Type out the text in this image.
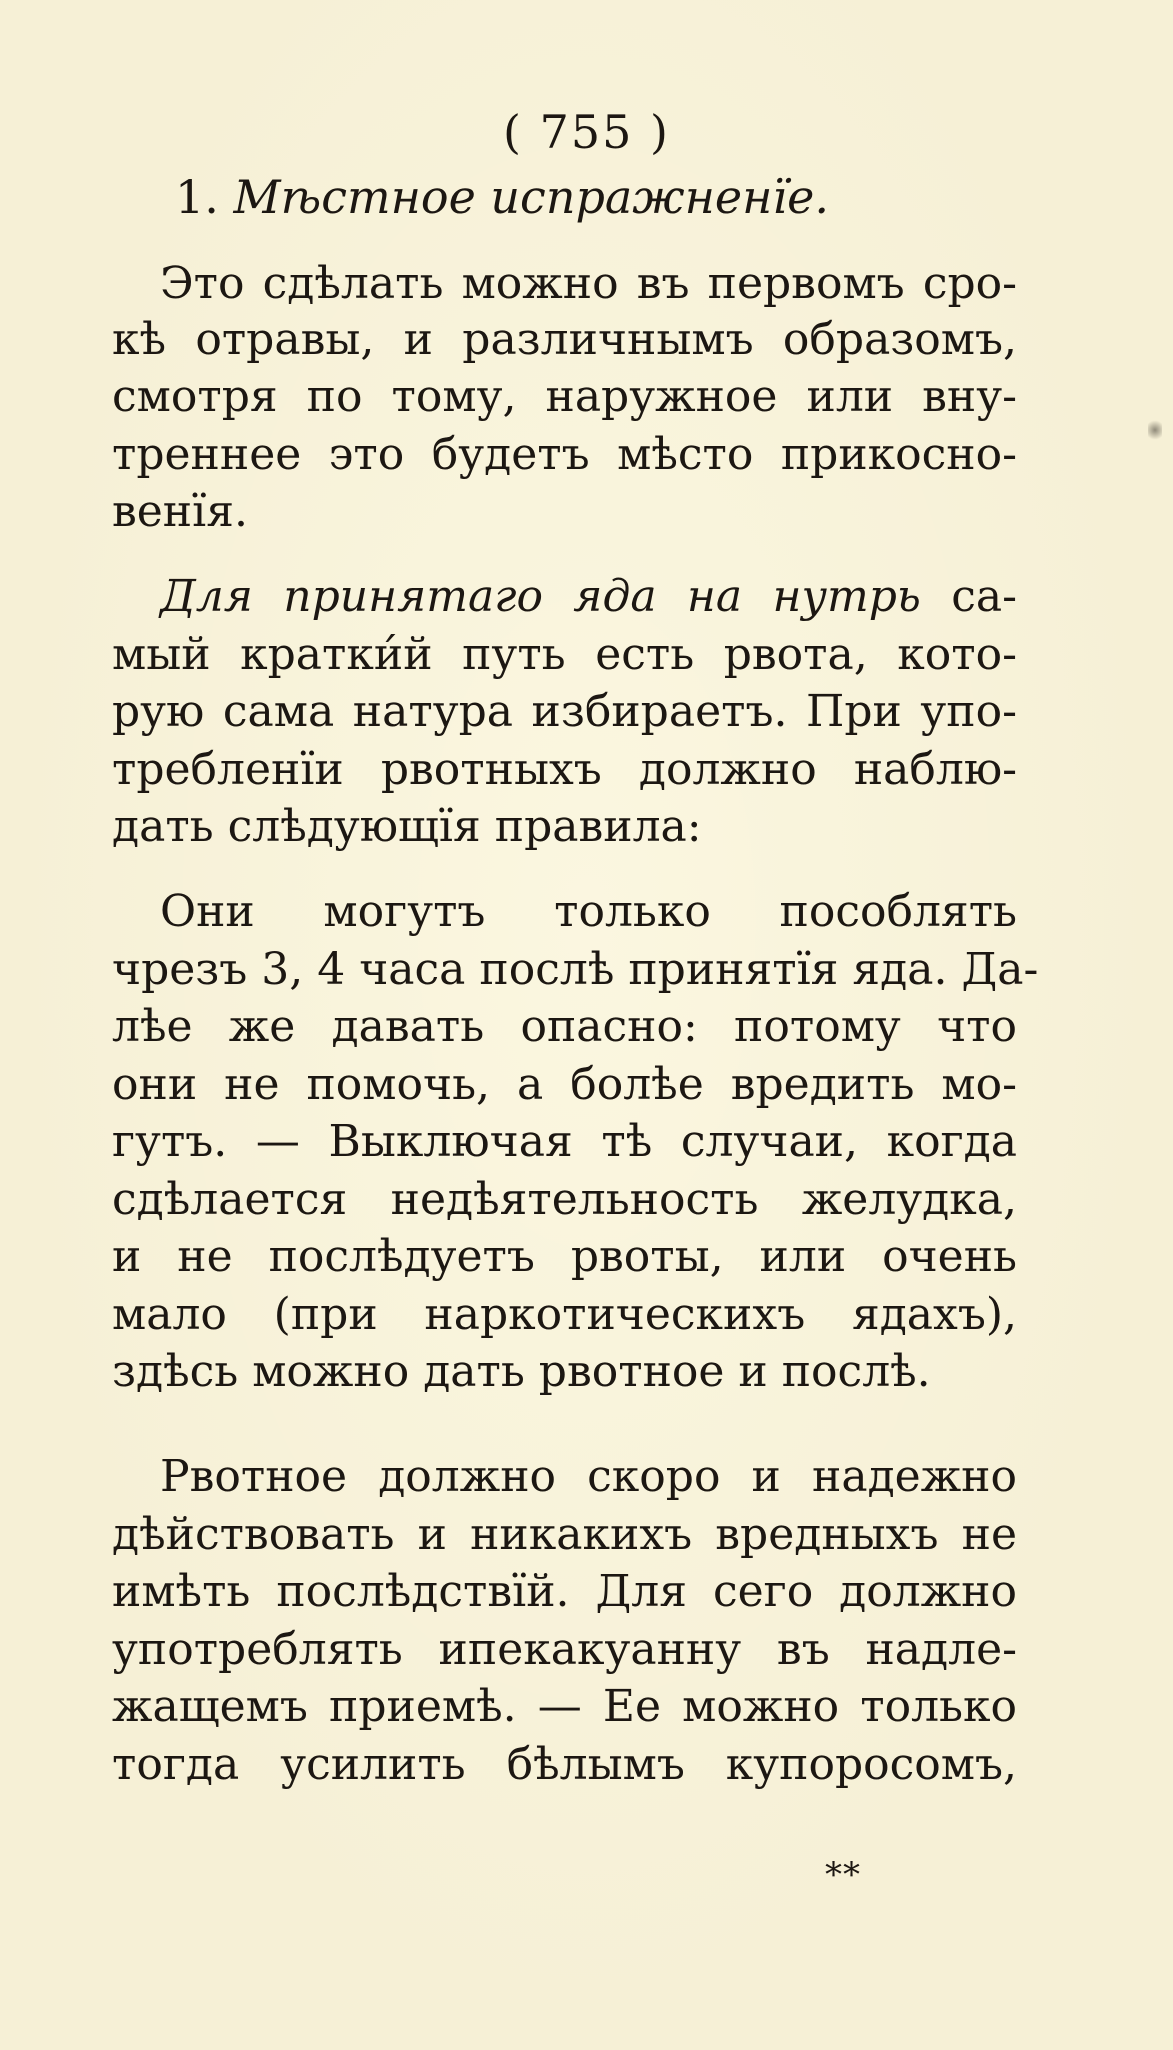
( 755 )
1. Мѣстное испражненїе.
Это сдѣлать можно въ первомъ сро-
кѣ отравы, и различнымъ образомъ,
смотря по тому, наружное или вну-
треннее это будетъ мѣсто прикосно-
венїя.
Для принятаго яда на нутрь са-
мый кратки́й путь есть рвота, кото-
рую сама натура избираетъ. При упо-
требленїи рвотныхъ должно наблю-
дать слѣдующїя правила:
Они могутъ только пособлять
чрезъ 3, 4 часа послѣ принятїя яда. Да-
лѣе же давать опасно: потому что
они не помочь, а болѣе вредить мо-
гутъ. — Выключая тѣ случаи, когда
сдѣлается недѣятельность желудка,
и не послѣдуетъ рвоты, или очень
мало (при наркотическихъ ядахъ),
здѣсь можно дать рвотное и послѣ.
Рвотное должно скоро и надежно
дѣйствовать и никакихъ вредныхъ не
имѣть послѣдствїй. Для сего должно
употреблять ипекакуанну въ надле-
жащемъ приемѣ. — Ее можно только
тогда усилить бѣлымъ купоросомъ,
**
